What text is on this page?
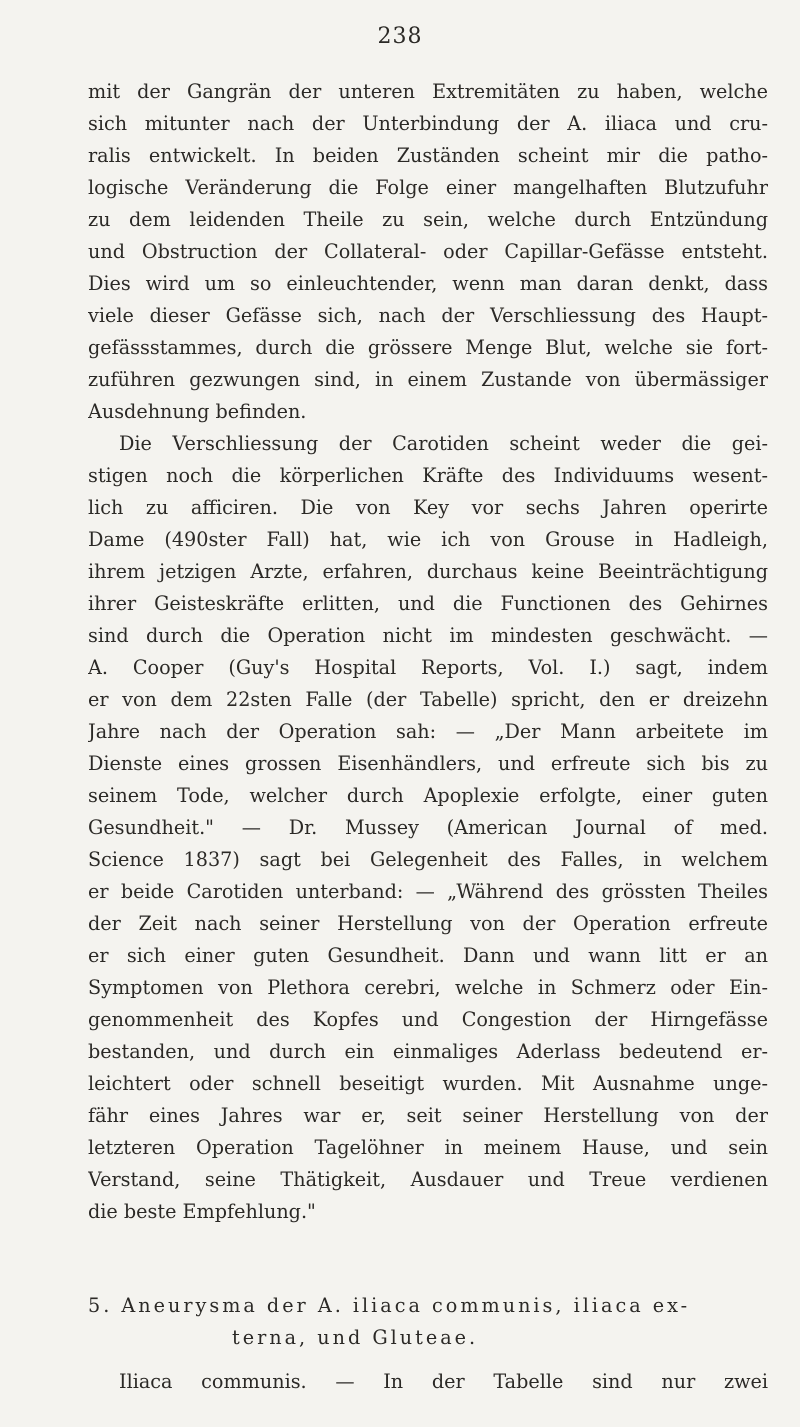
238
mit der Gangrän der unteren Extremitäten zu haben, welche
sich mitunter nach der Unterbindung der A. iliaca und cru-
ralis entwickelt. In beiden Zuständen scheint mir die patho-
logische Veränderung die Folge einer mangelhaften Blutzufuhr
zu dem leidenden Theile zu sein, welche durch Entzündung
und Obstruction der Collateral- oder Capillar-Gefässe entsteht.
Dies wird um so einleuchtender, wenn man daran denkt, dass
viele dieser Gefässe sich, nach der Verschliessung des Haupt-
gefässstammes, durch die grössere Menge Blut, welche sie fort-
zuführen gezwungen sind, in einem Zustande von übermässiger
Ausdehnung befinden.
Die Verschliessung der Carotiden scheint weder die gei-
stigen noch die körperlichen Kräfte des Individuums wesent-
lich zu afficiren. Die von Key vor sechs Jahren operirte
Dame (490ster Fall) hat, wie ich von Grouse in Hadleigh,
ihrem jetzigen Arzte, erfahren, durchaus keine Beeinträchtigung
ihrer Geisteskräfte erlitten, und die Functionen des Gehirnes
sind durch die Operation nicht im mindesten geschwächt. —
A. Cooper (Guy's Hospital Reports, Vol. I.) sagt, indem
er von dem 22sten Falle (der Tabelle) spricht, den er dreizehn
Jahre nach der Operation sah: — „Der Mann arbeitete im
Dienste eines grossen Eisenhändlers, und erfreute sich bis zu
seinem Tode, welcher durch Apoplexie erfolgte, einer guten
Gesundheit." — Dr. Mussey (American Journal of med.
Science 1837) sagt bei Gelegenheit des Falles, in welchem
er beide Carotiden unterband: — „Während des grössten Theiles
der Zeit nach seiner Herstellung von der Operation erfreute
er sich einer guten Gesundheit. Dann und wann litt er an
Symptomen von Plethora cerebri, welche in Schmerz oder Ein-
genommenheit des Kopfes und Congestion der Hirngefässe
bestanden, und durch ein einmaliges Aderlass bedeutend er-
leichtert oder schnell beseitigt wurden. Mit Ausnahme unge-
fähr eines Jahres war er, seit seiner Herstellung von der
letzteren Operation Tagelöhner in meinem Hause, und sein
Verstand, seine Thätigkeit, Ausdauer und Treue verdienen
die beste Empfehlung."
5. Aneurysma der A. iliaca communis, iliaca ex-
terna, und Gluteae.
Iliaca communis. — In der Tabelle sind nur zwei
